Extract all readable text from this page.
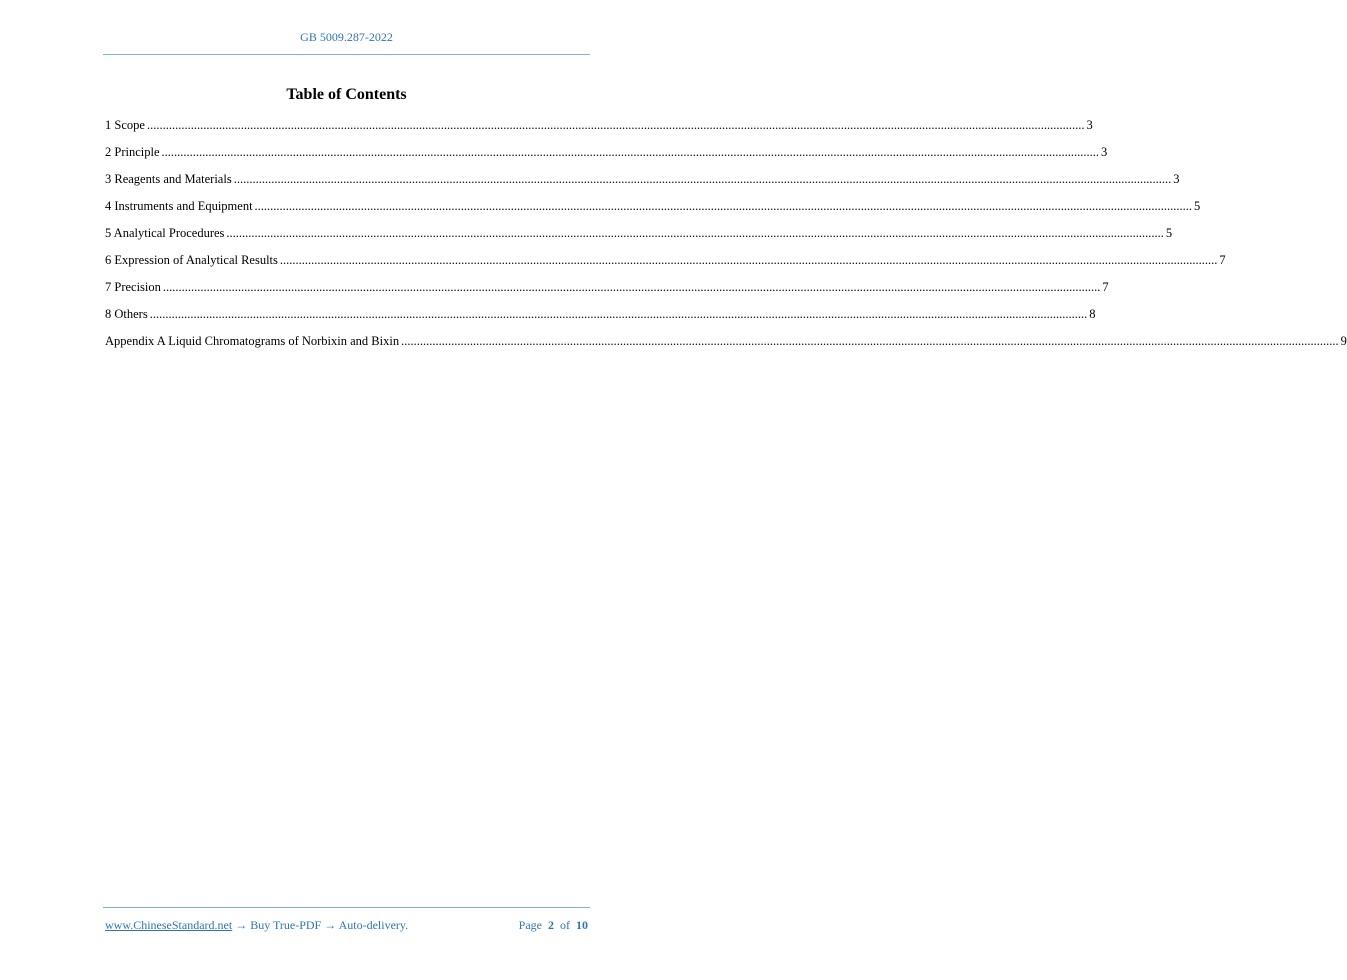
GB 5009.287-2022
Table of Contents
1 Scope ............................................................................................................................................................................................................................................................................................................ 3
2 Principle ............................................................................................................................................................................................................................................................................................................ 3
3 Reagents and Materials ............................................................................................................................................................................................................................................................................................................ 3
4 Instruments and Equipment ............................................................................................................................................................................................................................................................................................................ 5
5 Analytical Procedures ............................................................................................................................................................................................................................................................................................................ 5
6 Expression of Analytical Results ............................................................................................................................................................................................................................................................................................................ 7
7 Precision ............................................................................................................................................................................................................................................................................................................ 7
8 Others ............................................................................................................................................................................................................................................................................................................ 8
Appendix A Liquid Chromatograms of Norbixin and Bixin ............................................................................................................................................................................................................................................................................................................ 9
www.ChineseStandard.net → Buy True-PDF → Auto-delivery.	Page 2 of 10
